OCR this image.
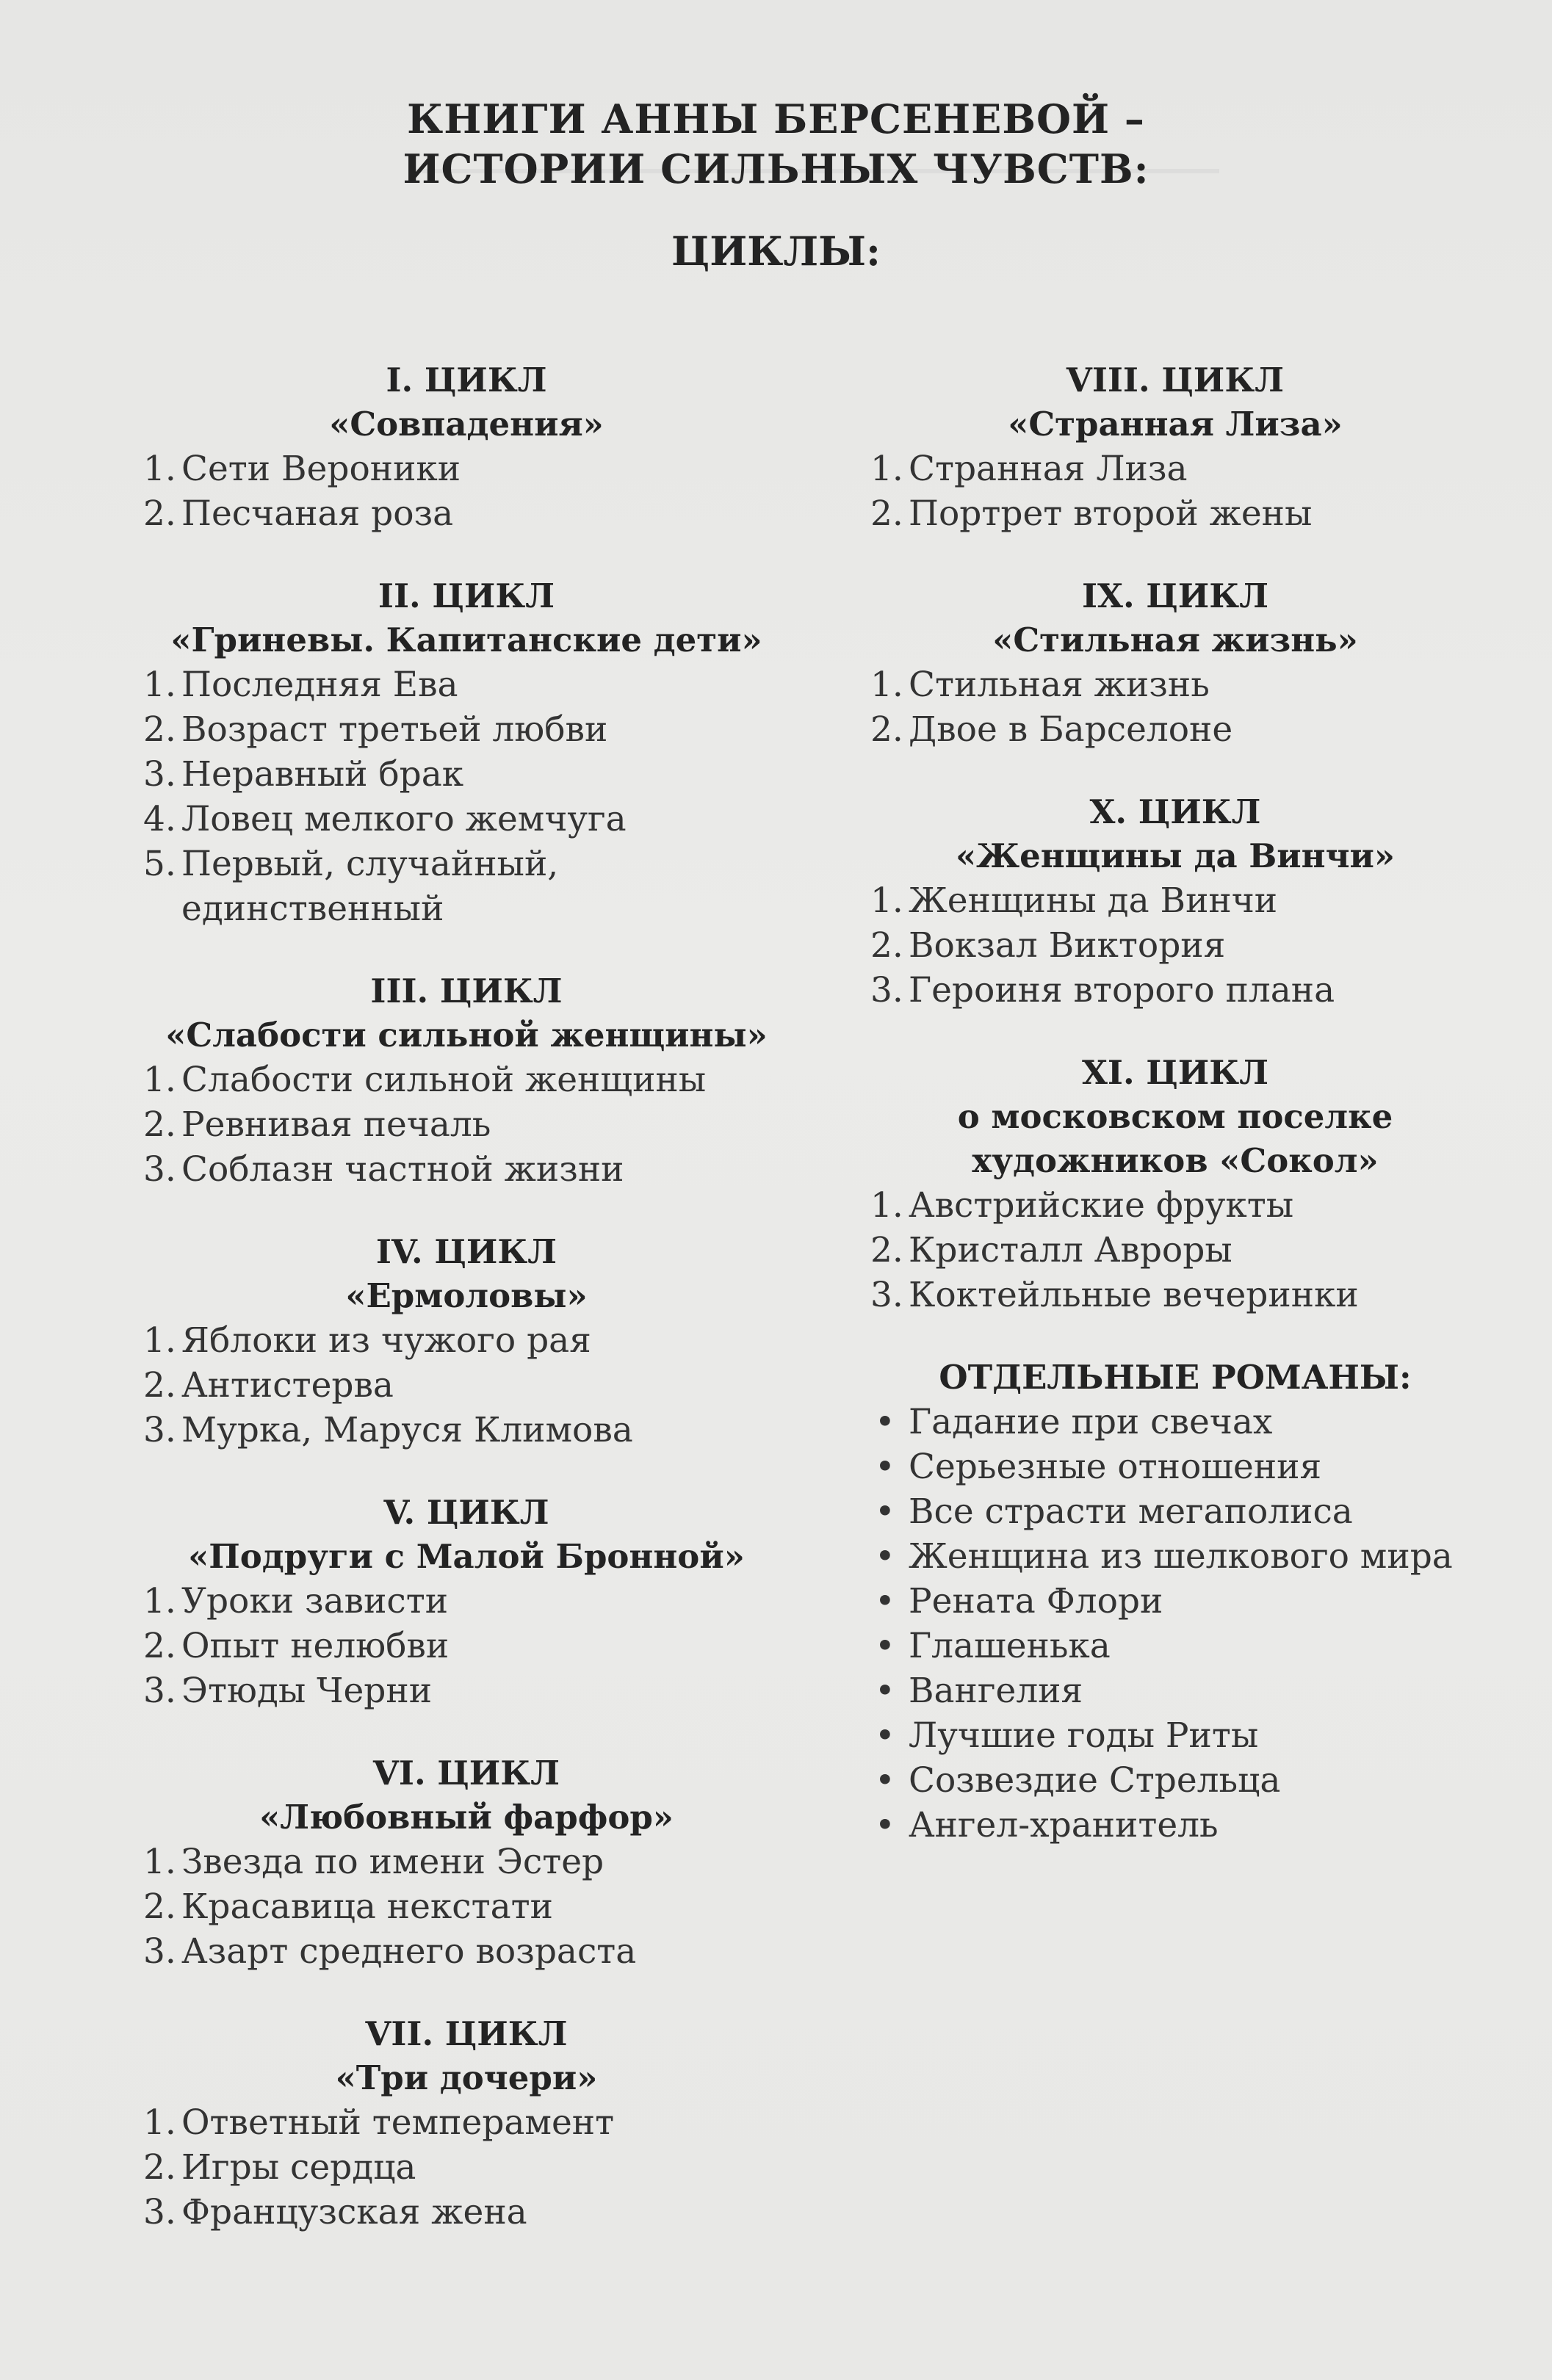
КНИГИ АННЫ БЕРСЕНЕВОЙ –
ИСТОРИИ СИЛЬНЫХ ЧУВСТВ:
ЦИКЛЫ:
I. ЦИКЛ
«Совпадения»
1. Сети Вероники
2. Песчаная роза
II. ЦИКЛ
«Гриневы. Капитанские дети»
1. Последняя Ева
2. Возраст третьей любви
3. Неравный брак
4. Ловец мелкого жемчуга
5. Первый, случайный, единственный
III. ЦИКЛ
«Слабости сильной женщины»
1. Слабости сильной женщины
2. Ревнивая печаль
3. Соблазн частной жизни
IV. ЦИКЛ
«Ермоловы»
1. Яблоки из чужого рая
2. Антистерва
3. Мурка, Маруся Климова
V. ЦИКЛ
«Подруги с Малой Бронной»
1. Уроки зависти
2. Опыт нелюбви
3. Этюды Черни
VI. ЦИКЛ
«Любовный фарфор»
1. Звезда по имени Эстер
2. Красавица некстати
3. Азарт среднего возраста
VII. ЦИКЛ
«Три дочери»
1. Ответный темперамент
2. Игры сердца
3. Французская жена
VIII. ЦИКЛ
«Странная Лиза»
1. Странная Лиза
2. Портрет второй жены
IX. ЦИКЛ
«Стильная жизнь»
1. Стильная жизнь
2. Двое в Барселоне
X. ЦИКЛ
«Женщины да Винчи»
1. Женщины да Винчи
2. Вокзал Виктория
3. Героиня второго плана
XI. ЦИКЛ
о московском поселке художников «Сокол»
1. Австрийские фрукты
2. Кристалл Авроры
3. Коктейльные вечеринки
ОТДЕЛЬНЫЕ РОМАНЫ:
• Гадание при свечах
• Серьезные отношения
• Все страсти мегаполиса
• Женщина из шелкового мира
• Рената Флори
• Глашенька
• Вангелия
• Лучшие годы Риты
• Созвездие Стрельца
• Ангел-хранитель
